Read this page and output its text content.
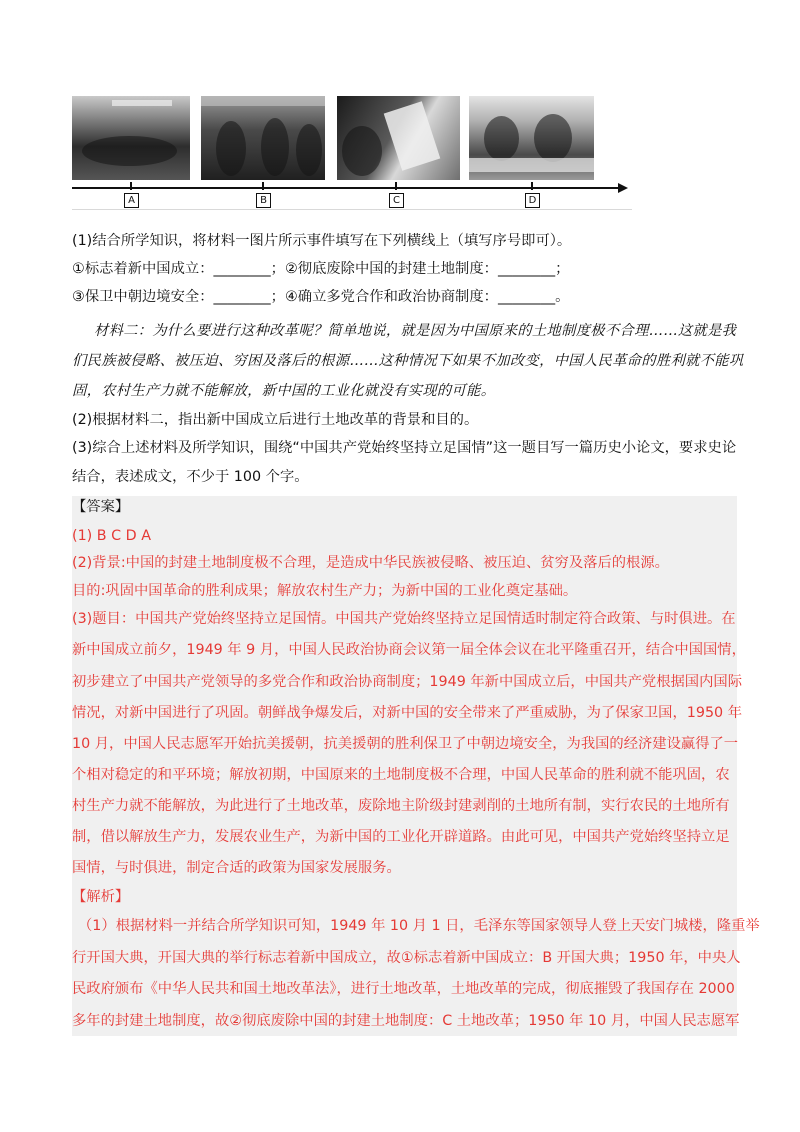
A	B	C	D
(1)结合所学知识，将材料一图片所示事件填写在下列横线上（填写序号即可）。
①标志着新中国成立：________；②彻底废除中国的封建土地制度：________；
③保卫中朝边境安全：________；④确立多党合作和政治协商制度：________。
材料二：为什么要进行这种改革呢？简单地说，就是因为中国原来的土地制度极不合理……这就是我
们民族被侵略、被压迫、穷困及落后的根源……这种情况下如果不加改变，中国人民革命的胜利就不能巩
固，农村生产力就不能解放，新中国的工业化就没有实现的可能。
(2)根据材料二，指出新中国成立后进行土地改革的背景和目的。
(3)综合上述材料及所学知识，围绕“中国共产党始终坚持立足国情”这一题目写一篇历史小论文，要求史论
结合，表述成文，不少于 100 个字。
【答案】
(1) B C D A
(2)背景:中国的封建土地制度极不合理，是造成中华民族被侵略、被压迫、贫穷及落后的根源。
目的:巩固中国革命的胜利成果；解放农村生产力；为新中国的工业化奠定基础。
(3)题目：中国共产党始终坚持立足国情。中国共产党始终坚持立足国情适时制定符合政策、与时俱进。在
新中国成立前夕，1949 年 9 月，中国人民政治协商会议第一届全体会议在北平隆重召开，结合中国国情，
初步建立了中国共产党领导的多党合作和政治协商制度；1949 年新中国成立后，中国共产党根据国内国际
情况，对新中国进行了巩固。朝鲜战争爆发后，对新中国的安全带来了严重威胁，为了保家卫国，1950 年
10 月，中国人民志愿军开始抗美援朝，抗美援朝的胜利保卫了中朝边境安全，为我国的经济建设赢得了一
个相对稳定的和平环境；解放初期，中国原来的土地制度极不合理，中国人民革命的胜利就不能巩固，农
村生产力就不能解放，为此进行了土地改革，废除地主阶级封建剥削的土地所有制，实行农民的土地所有
制，借以解放生产力，发展农业生产，为新中国的工业化开辟道路。由此可见，中国共产党始终坚持立足
国情，与时俱进，制定合适的政策为国家发展服务。
【解析】
（1）根据材料一并结合所学知识可知，1949 年 10 月 1 日，毛泽东等国家领导人登上天安门城楼，隆重举
行开国大典，开国大典的举行标志着新中国成立，故①标志着新中国成立：B 开国大典；1950 年，中央人
民政府颁布《中华人民共和国土地改革法》，进行土地改革，土地改革的完成，彻底摧毁了我国存在 2000
多年的封建土地制度，故②彻底废除中国的封建土地制度：C 土地改革；1950 年 10 月，中国人民志愿军
